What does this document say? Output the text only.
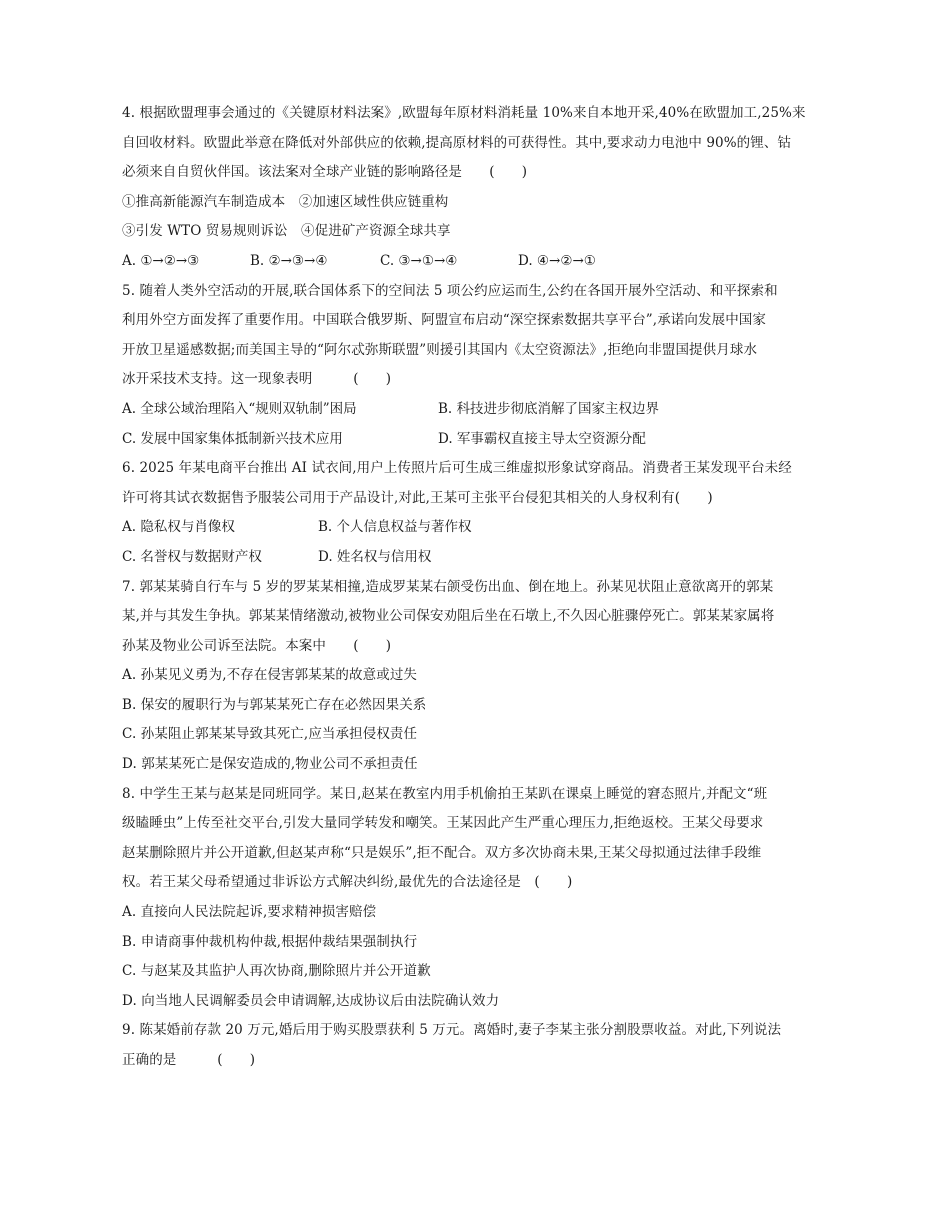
4. 根据欧盟理事会通过的《关键原材料法案》,欧盟每年原材料消耗量 10%来自本地开采,40%在欧盟加工,25%来
自回收材料。欧盟此举意在降低对外部供应的依赖,提高原材料的可获得性。其中,要求动力电池中 90%的锂、钴
必须来自自贸伙伴国。该法案对全球产业链的影响路径是　　(　　)
①推高新能源汽车制造成本　②加速区域性供应链重构
③引发 WTO 贸易规则诉讼　④促进矿产资源全球共享
A. ①→②→③	B. ②→③→④	C. ③→①→④	D. ④→②→①
5. 随着人类外空活动的开展,联合国体系下的空间法 5 项公约应运而生,公约在各国开展外空活动、和平探索和
利用外空方面发挥了重要作用。中国联合俄罗斯、阿盟宣布启动“深空探索数据共享平台”,承诺向发展中国家
开放卫星遥感数据;而美国主导的“阿尔忒弥斯联盟”则援引其国内《太空资源法》,拒绝向非盟国提供月球水
冰开采技术支持。这一现象表明　　　(　　)
A. 全球公域治理陷入“规则双轨制”困局	B. 科技进步彻底消解了国家主权边界
C. 发展中国家集体抵制新兴技术应用	D. 军事霸权直接主导太空资源分配
6. 2025 年某电商平台推出 AI 试衣间,用户上传照片后可生成三维虚拟形象试穿商品。消费者王某发现平台未经
许可将其试衣数据售予服装公司用于产品设计,对此,王某可主张平台侵犯其相关的人身权利有(　　)
A. 隐私权与肖像权	B. 个人信息权益与著作权
C. 名誉权与数据财产权	D. 姓名权与信用权
7. 郭某某骑自行车与 5 岁的罗某某相撞,造成罗某某右颌受伤出血、倒在地上。孙某见状阻止意欲离开的郭某
某,并与其发生争执。郭某某情绪激动,被物业公司保安劝阻后坐在石墩上,不久因心脏骤停死亡。郭某某家属将
孙某及物业公司诉至法院。本案中　　(　　)
A. 孙某见义勇为,不存在侵害郭某某的故意或过失
B. 保安的履职行为与郭某某死亡存在必然因果关系
C. 孙某阻止郭某某导致其死亡,应当承担侵权责任
D. 郭某某死亡是保安造成的,物业公司不承担责任
8. 中学生王某与赵某是同班同学。某日,赵某在教室内用手机偷拍王某趴在课桌上睡觉的窘态照片,并配文“班
级瞌睡虫”上传至社交平台,引发大量同学转发和嘲笑。王某因此产生严重心理压力,拒绝返校。王某父母要求
赵某删除照片并公开道歉,但赵某声称“只是娱乐”,拒不配合。双方多次协商未果,王某父母拟通过法律手段维
权。若王某父母希望通过非诉讼方式解决纠纷,最优先的合法途径是　(　　)
A. 直接向人民法院起诉,要求精神损害赔偿
B. 申请商事仲裁机构仲裁,根据仲裁结果强制执行
C. 与赵某及其监护人再次协商,删除照片并公开道歉
D. 向当地人民调解委员会申请调解,达成协议后由法院确认效力
9. 陈某婚前存款 20 万元,婚后用于购买股票获利 5 万元。离婚时,妻子李某主张分割股票收益。对此,下列说法
正确的是　　　(　　)
